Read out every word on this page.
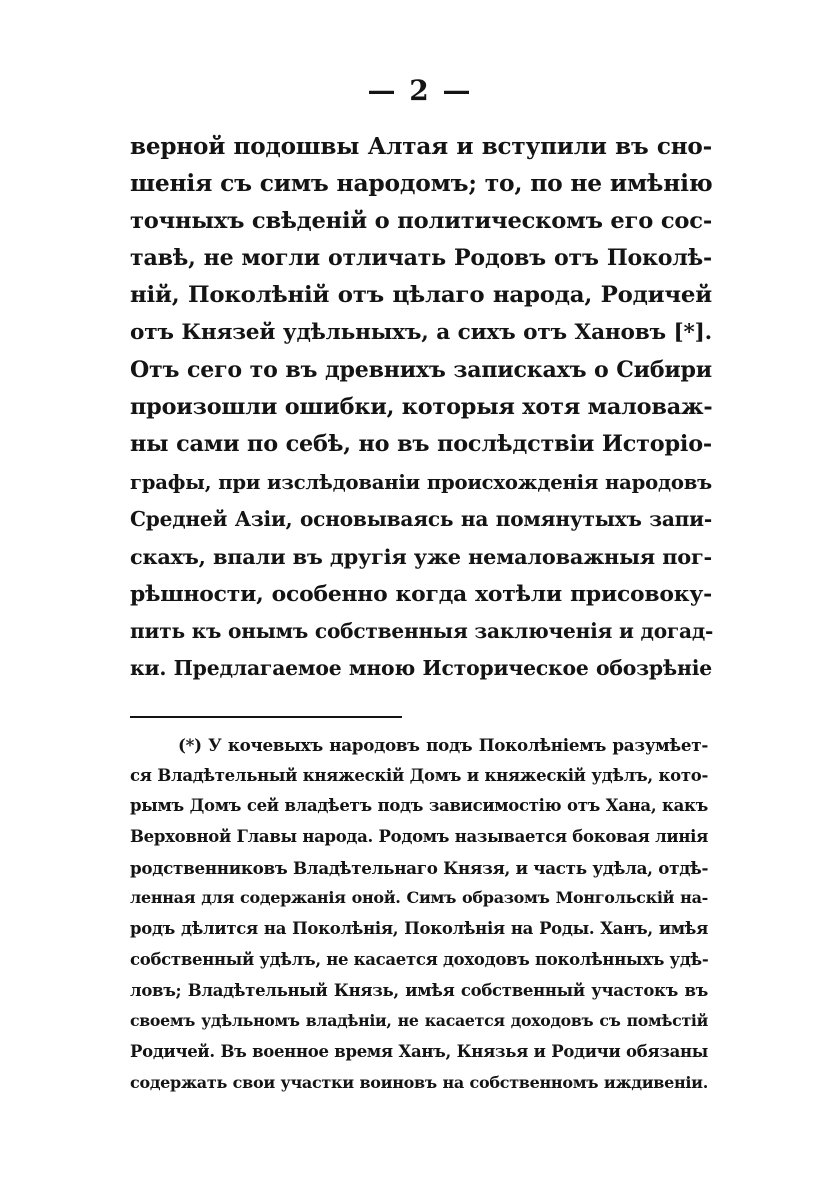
— 2 —
верной подошвы Алтая и вступили въ сно-
шенія съ симъ народомъ; то, по не имѣнію
точныхъ свѣденій о политическомъ его сос-
тавѣ, не могли отличать Родовъ отъ Поколѣ-
ній, Поколѣній отъ цѣлаго народа, Родичей
отъ Князей удѣльныхъ, а сихъ отъ Хановъ [*].
Отъ сего то въ древнихъ запискахъ о Сибири
произошли ошибки, которыя хотя маловаж-
ны сами по себѣ, но въ послѣдствіи Исторіо-
графы, при изслѣдованіи происхожденія народовъ
Средней Азіи, основываясь на помянутыхъ запи-
скахъ, впали въ другія уже немаловажныя пог-
рѣшности, особенно когда хотѣли присовоку-
пить къ онымъ собственныя заключенія и догад-
ки. Предлагаемое мною Историческое обозрѣніе
(*) У кочевыхъ народовъ подъ Поколѣніемъ разумѣет-
ся Владѣтельный княжескій Домъ и княжескій удѣлъ, кото-
рымъ Домъ сей владѣетъ подъ зависимостію отъ Хана, какъ
Верховной Главы народа. Родомъ называется боковая линія
родственниковъ Владѣтельнаго Князя, и часть удѣла, отдѣ-
ленная для содержанія оной. Симъ образомъ Монгольскій на-
родъ дѣлится на Поколѣнія, Поколѣнія на Роды. Ханъ, имѣя
собственный удѣлъ, не касается доходовъ поколѣнныхъ удѣ-
ловъ; Владѣтельный Князь, имѣя собственный участокъ въ
своемъ удѣльномъ владѣніи, не касается доходовъ съ помѣстій
Родичей. Въ военное время Ханъ, Князья и Родичи обязаны
содержать свои участки воиновъ на собственномъ иждивеніи.
